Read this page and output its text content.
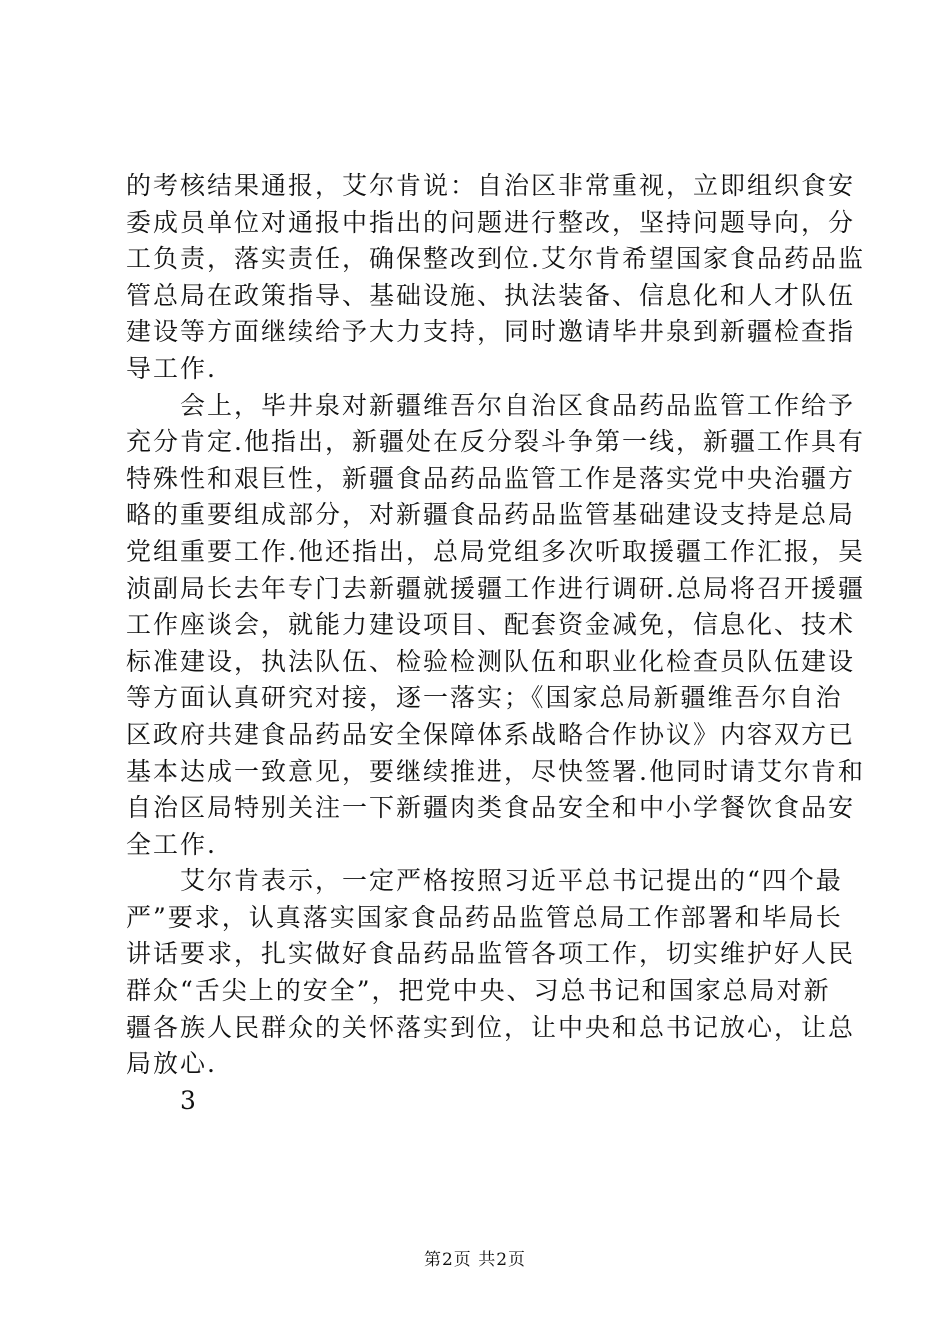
的考核结果通报，艾尔肯说：自治区非常重视，立即组织食安
委成员单位对通报中指出的问题进行整改，坚持问题导向，分
工负责，落实责任，确保整改到位.艾尔肯希望国家食品药品监
管总局在政策指导、基础设施、执法装备、信息化和人才队伍
建设等方面继续给予大力支持，同时邀请毕井泉到新疆检查指
导工作.
会上，毕井泉对新疆维吾尔自治区食品药品监管工作给予
充分肯定.他指出，新疆处在反分裂斗争第一线，新疆工作具有
特殊性和艰巨性，新疆食品药品监管工作是落实党中央治疆方
略的重要组成部分，对新疆食品药品监管基础建设支持是总局
党组重要工作.他还指出，总局党组多次听取援疆工作汇报，吴
浈副局长去年专门去新疆就援疆工作进行调研.总局将召开援疆
工作座谈会，就能力建设项目、配套资金减免，信息化、技术
标准建设，执法队伍、检验检测队伍和职业化检查员队伍建设
等方面认真研究对接，逐一落实；《国家总局新疆维吾尔自治
区政府共建食品药品安全保障体系战略合作协议》内容双方已
基本达成一致意见，要继续推进，尽快签署.他同时请艾尔肯和
自治区局特别关注一下新疆肉类食品安全和中小学餐饮食品安
全工作.
艾尔肯表示，一定严格按照习近平总书记提出的“四个最
严”要求，认真落实国家食品药品监管总局工作部署和毕局长
讲话要求，扎实做好食品药品监管各项工作，切实维护好人民
群众“舌尖上的安全”，把党中央、习总书记和国家总局对新
疆各族人民群众的关怀落实到位，让中央和总书记放心，让总
局放心.
3
第2页 共2页
